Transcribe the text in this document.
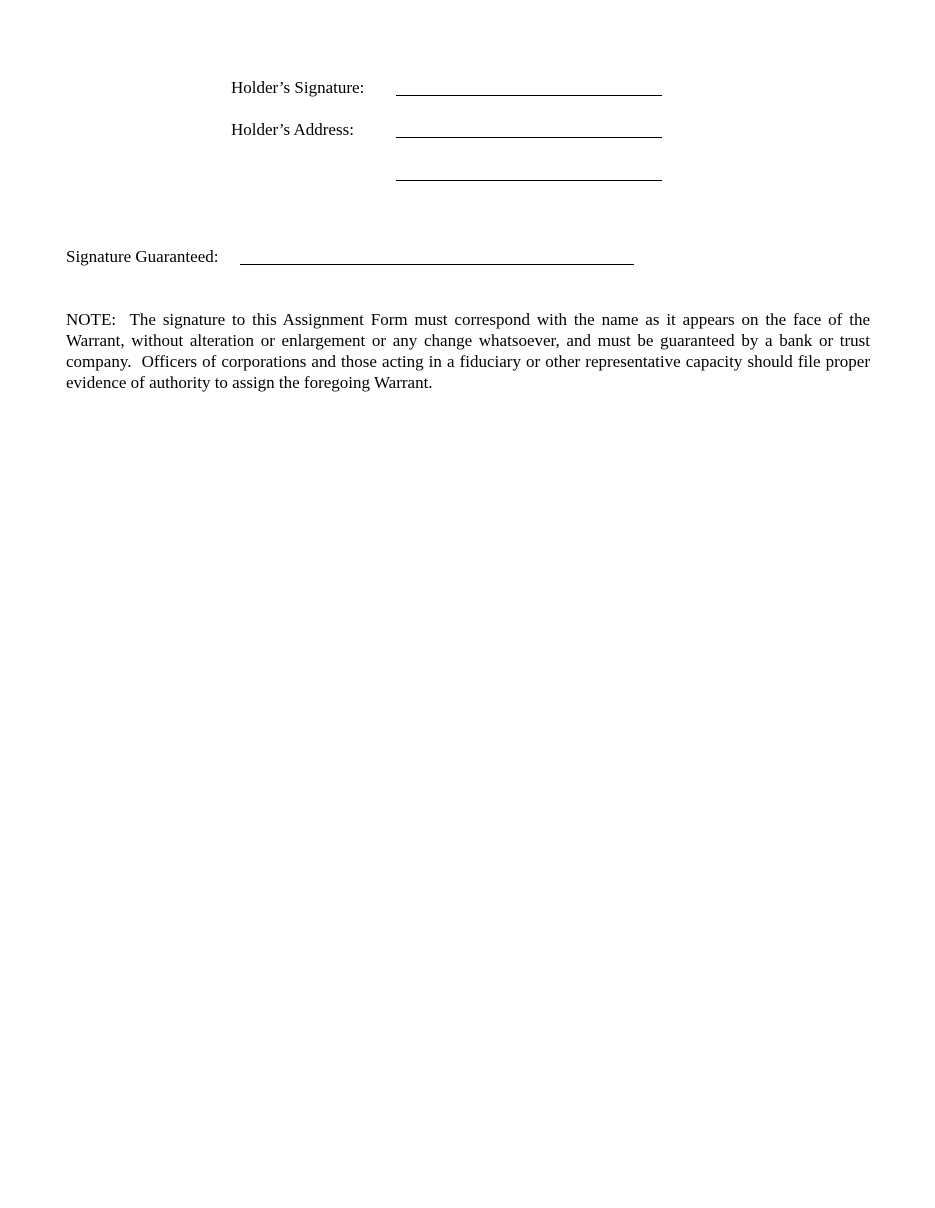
Holder’s Signature:
Holder’s Address:
Signature Guaranteed:

NOTE:  The signature to this Assignment Form must correspond with the name as it appears on the face of the Warrant, without alteration or enlargement or any change whatsoever, and must be guaranteed by a bank or trust company.  Officers of corporations and those acting in a fiduciary or other representative capacity should file proper evidence of authority to assign the foregoing Warrant.
